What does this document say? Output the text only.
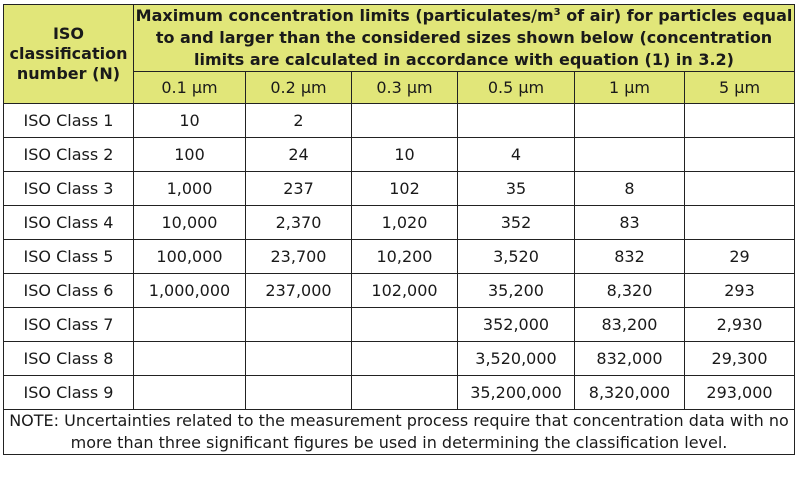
ISO classification number (N)	Maximum concentration limits ($particulates/m^3$ of air) for particles equal to and larger than the considered sizes shown below (concentration limits are calculated in accordance with equation (1) in 3.2)					
	0.1 µm	0.2 µm	0.3 µm	0.5 µm	1 µm	5 µm
ISO Class 1	10	2				
ISO Class 2	100	24	10	4		
ISO Class 3	1,000	237	102	35	8	
ISO Class 4	10,000	2,370	1,020	352	83	
ISO Class 5	100,000	23,700	10,200	3,520	832	29
ISO Class 6	1,000,000	237,000	102,000	35,200	8,320	293
ISO Class 7				352,000	83,200	2,930
ISO Class 8				3,520,000	832,000	29,300
ISO Class 9				35,200,000	8,320,000	293,000
NOTE: Uncertainties related to the measurement process require that concentration data with no more than three significant figures be used in determining the classification level.						
